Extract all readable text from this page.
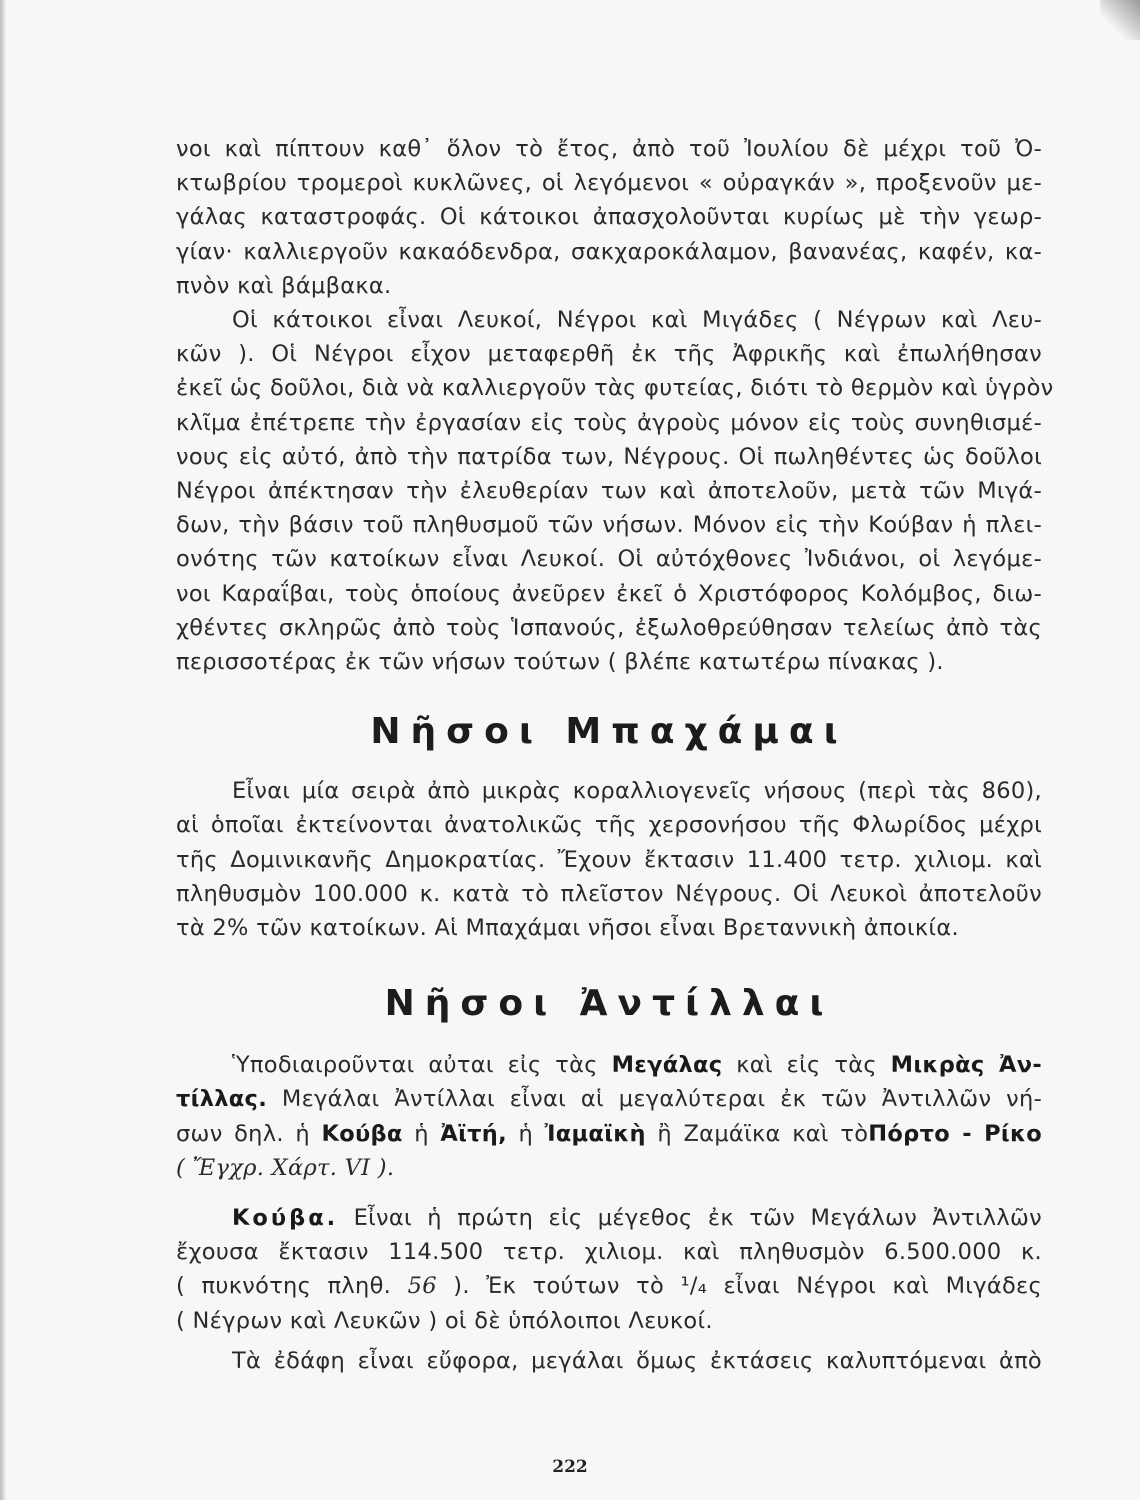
νοι καὶ πίπτουν καθ᾿ ὅλον τὸ ἔτος, ἀπὸ τοῦ Ἰουλίου δὲ μέχρι τοῦ Ὀ-
κτωβρίου τρομεροὶ κυκλῶνες, οἱ λεγόμενοι « οὐραγκάν », προξενοῦν με-
γάλας καταστροφάς. Οἱ κάτοικοι ἀπασχολοῦνται κυρίως μὲ τὴν γεωρ-
γίαν· καλλιεργοῦν κακαόδενδρα, σακχαροκάλαμον, βανανέας, καφέν, κα-
πνὸν καὶ βάμβακα.

Οἱ κάτοικοι εἶναι Λευκοί, Νέγροι καὶ Μιγάδες ( Νέγρων καὶ Λευ-
κῶν ). Οἱ Νέγροι εἶχον μεταφερθῆ ἐκ τῆς Ἀφρικῆς καὶ ἐπωλήθησαν
ἐκεῖ ὡς δοῦλοι, διὰ νὰ καλλιεργοῦν τὰς φυτείας, διότι τὸ θερμὸν καὶ ὑγρὸν
κλῖμα ἐπέτρεπε τὴν ἐργασίαν εἰς τοὺς ἀγροὺς μόνον εἰς τοὺς συνηθισμέ-
νους εἰς αὐτό, ἀπὸ τὴν πατρίδα των, Νέγρους. Οἱ πωληθέντες ὡς δοῦλοι
Νέγροι ἀπέκτησαν τὴν ἐλευθερίαν των καὶ ἀποτελοῦν, μετὰ τῶν Μιγά-
δων, τὴν βάσιν τοῦ πληθυσμοῦ τῶν νήσων. Μόνον εἰς τὴν Κούβαν ἡ πλει-
ονότης τῶν κατοίκων εἶναι Λευκοί. Οἱ αὐτόχθονες Ἰνδιάνοι, οἱ λεγόμε-
νοι Καραΐβαι, τοὺς ὁποίους ἀνεῦρεν ἐκεῖ ὁ Χριστόφορος Κολόμβος, διω-
χθέντες σκληρῶς ἀπὸ τοὺς Ἱσπανούς, ἐξωλοθρεύθησαν τελείως ἀπὸ τὰς
περισσοτέρας ἐκ τῶν νήσων τούτων ( βλέπε κατωτέρω πίνακας ).

Νῆσοι Μπαχάμαι

Εἶναι μία σειρὰ ἀπὸ μικρὰς κοραλλιογενεῖς νήσους (περὶ τὰς 860),
αἱ ὁποῖαι ἐκτείνονται ἀνατολικῶς τῆς χερσονήσου τῆς Φλωρίδος μέχρι
τῆς Δομινικανῆς Δημοκρατίας. Ἔχουν ἔκτασιν 11.400 τετρ. χιλιομ. καὶ
πληθυσμὸν 100.000 κ. κατὰ τὸ πλεῖστον Νέγρους. Οἱ Λευκοὶ ἀποτελοῦν
τὰ 2% τῶν κατοίκων. Αἱ Μπαχάμαι νῆσοι εἶναι Βρεταννικὴ ἀποικία.

Νῆσοι Ἀντίλλαι

Ὑποδιαιροῦνται αὐται εἰς τὰς Μεγάλας καὶ εἰς τὰς Μικρὰς Ἀν-
τίλλας. Μεγάλαι Ἀντίλλαι εἶναι αἱ μεγαλύτεραι ἐκ τῶν Ἀντιλλῶν νή-
σων δηλ. ἡ Κούβα ἡ Ἀϊτή, ἡ Ἰαμαϊκὴ ἢ Ζαμάϊκα καὶ τὸΠόρτο - Ρίκο
( Ἔγχρ. Χάρτ. VI ).

Κούβα. Εἶναι ἡ πρώτη εἰς μέγεθος ἐκ τῶν Μεγάλων Ἀντιλλῶν
ἔχουσα ἔκτασιν 114.500 τετρ. χιλιομ. καὶ πληθυσμὸν 6.500.000 κ.
( πυκνότης πληθ. 56 ). Ἐκ τούτων τὸ ¹/₄ εἶναι Νέγροι καὶ Μιγάδες
( Νέγρων καὶ Λευκῶν ) οἱ δὲ ὑπόλοιποι Λευκοί.

Τὰ ἐδάφη εἶναι εὔφορα, μεγάλαι ὅμως ἐκτάσεις καλυπτόμεναι ἀπὸ

222
